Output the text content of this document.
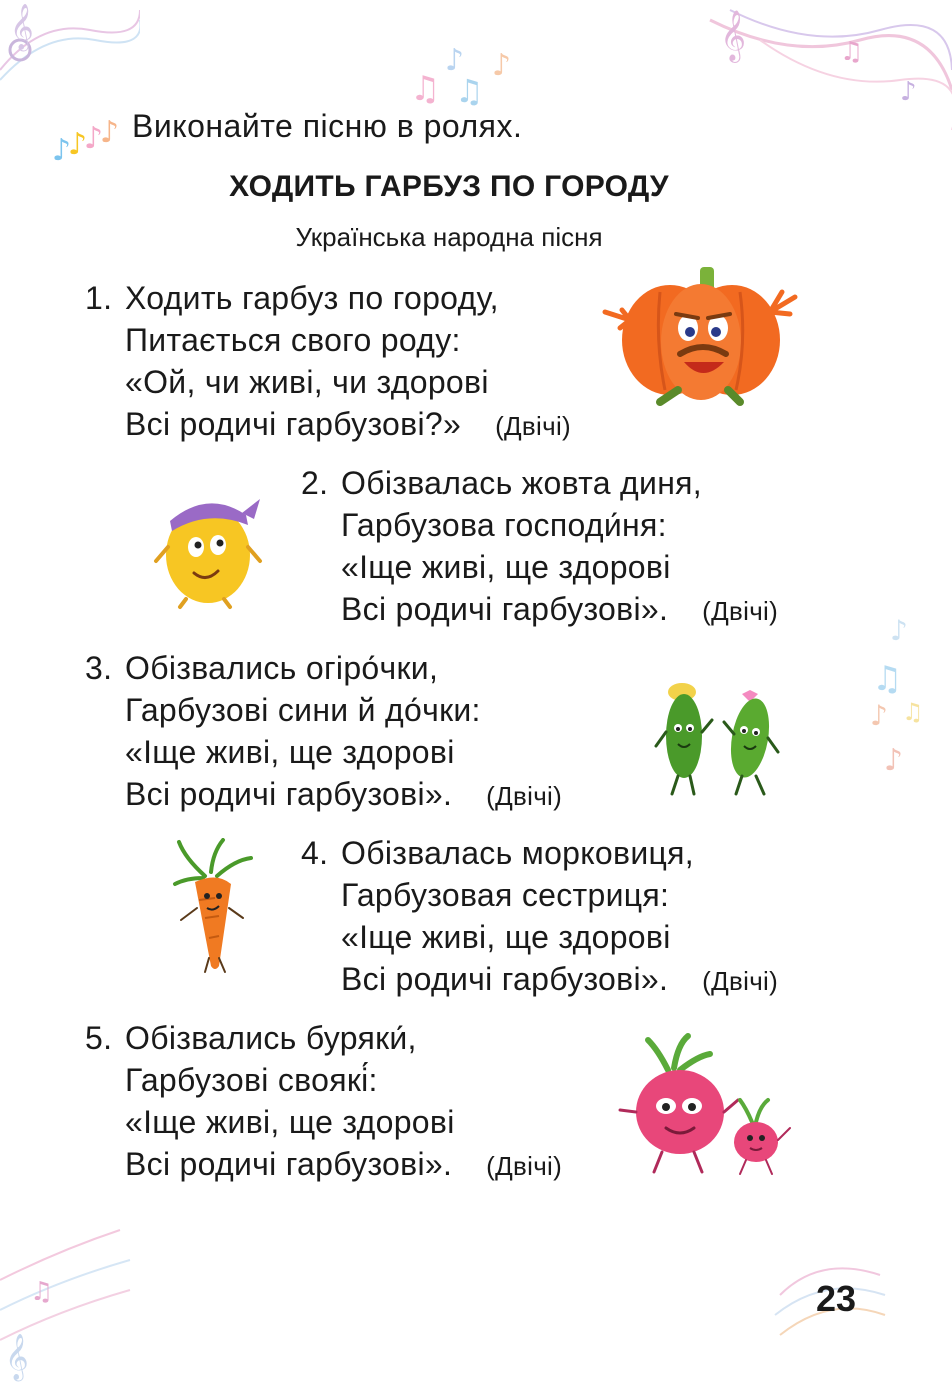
𝄞
♫
♪
♫
♪
𝄞	♫
♪
♪
♫
♪ ♫
♪
♫
𝄞
♪
♪
♪
♪ Виконайте пісню в ролях.
ХОДИТЬ ГАРБУЗ ПО ГОРОДУ
Українська народна пісня
1. Ходить гарбуз по городу,
Питається свого роду:
«Ой, чи живі, чи здорові
Всі родичі гарбузові?» (Двічі)
2. Обізвалась жовта диня,
Гарбузова господи́ня:
«Іще живі, ще здорові
Всі родичі гарбузові». (Двічі)
3. Обізвались огіро́чки,
Гарбузові сини й до́чки:
«Іще живі, ще здорові
Всі родичі гарбузові». (Двічі)
4. Обізвалась морковиця,
Гарбузовая сестриця:
«Іще живі, ще здорові
Всі родичі гарбузові». (Двічі)
5. Обізвались буряки́,
Гарбузові своякі́:
«Іще живі, ще здорові
Всі родичі гарбузові». (Двічі)
23
